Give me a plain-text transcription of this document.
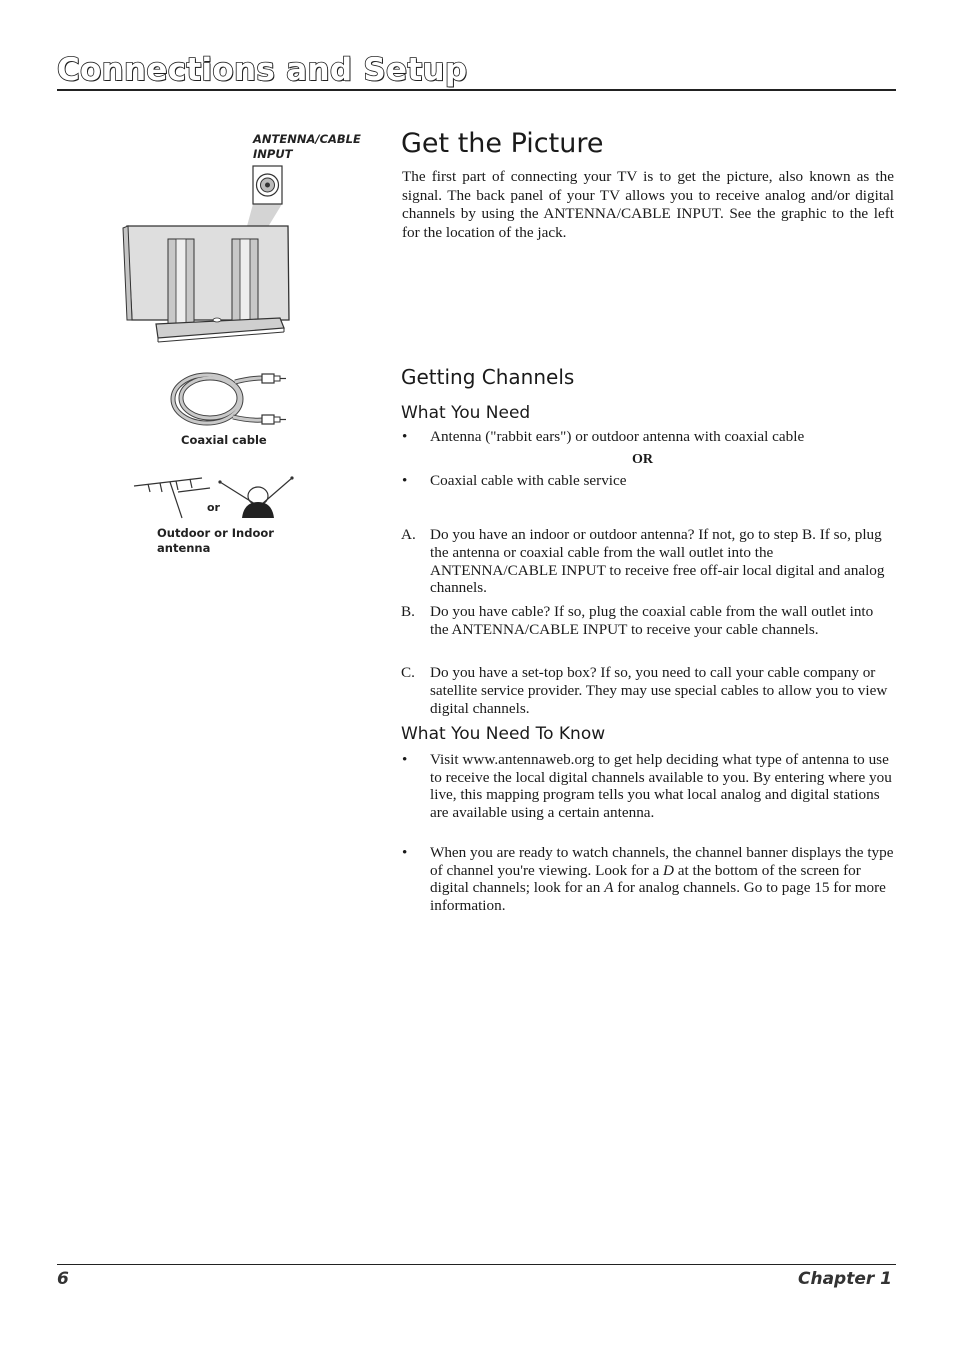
Connections and Setup
ANTENNA/CABLE INPUT
Coaxial cable
or
Outdoor or Indoor antenna
Get the Picture
The first part of connecting your TV is to get the picture, also known as the signal. The back panel of your TV allows you to receive analog and/or digital channels by using the ANTENNA/CABLE INPUT. See the graphic to the left for the location of the jack.
Getting Channels
What You Need
•	Antenna ("rabbit ears") or outdoor antenna with coaxial cable
OR
•	Coaxial cable with cable service
A. Do you have an indoor or outdoor antenna? If not, go to step B. If so, plug the antenna or coaxial cable from the wall outlet into the ANTENNA/CABLE INPUT to receive free off-air local digital and analog channels.
B. Do you have cable? If so, plug the coaxial cable from the wall outlet into the ANTENNA/CABLE INPUT to receive your cable channels.
C. Do you have a set-top box? If so, you need to call your cable company or satellite service provider. They may use special cables to allow you to view digital channels.
What You Need To Know
•	Visit www.antennaweb.org to get help deciding what type of antenna to use to receive the local digital channels available to you. By entering where you live, this mapping program tells you what local analog and digital stations are available using a certain antenna.
•	When you are ready to watch channels, the channel banner displays the type of channel you're viewing. Look for a D at the bottom of the screen for digital channels; look for an A for analog channels. Go to page 15 for more information.
6	Chapter 1
